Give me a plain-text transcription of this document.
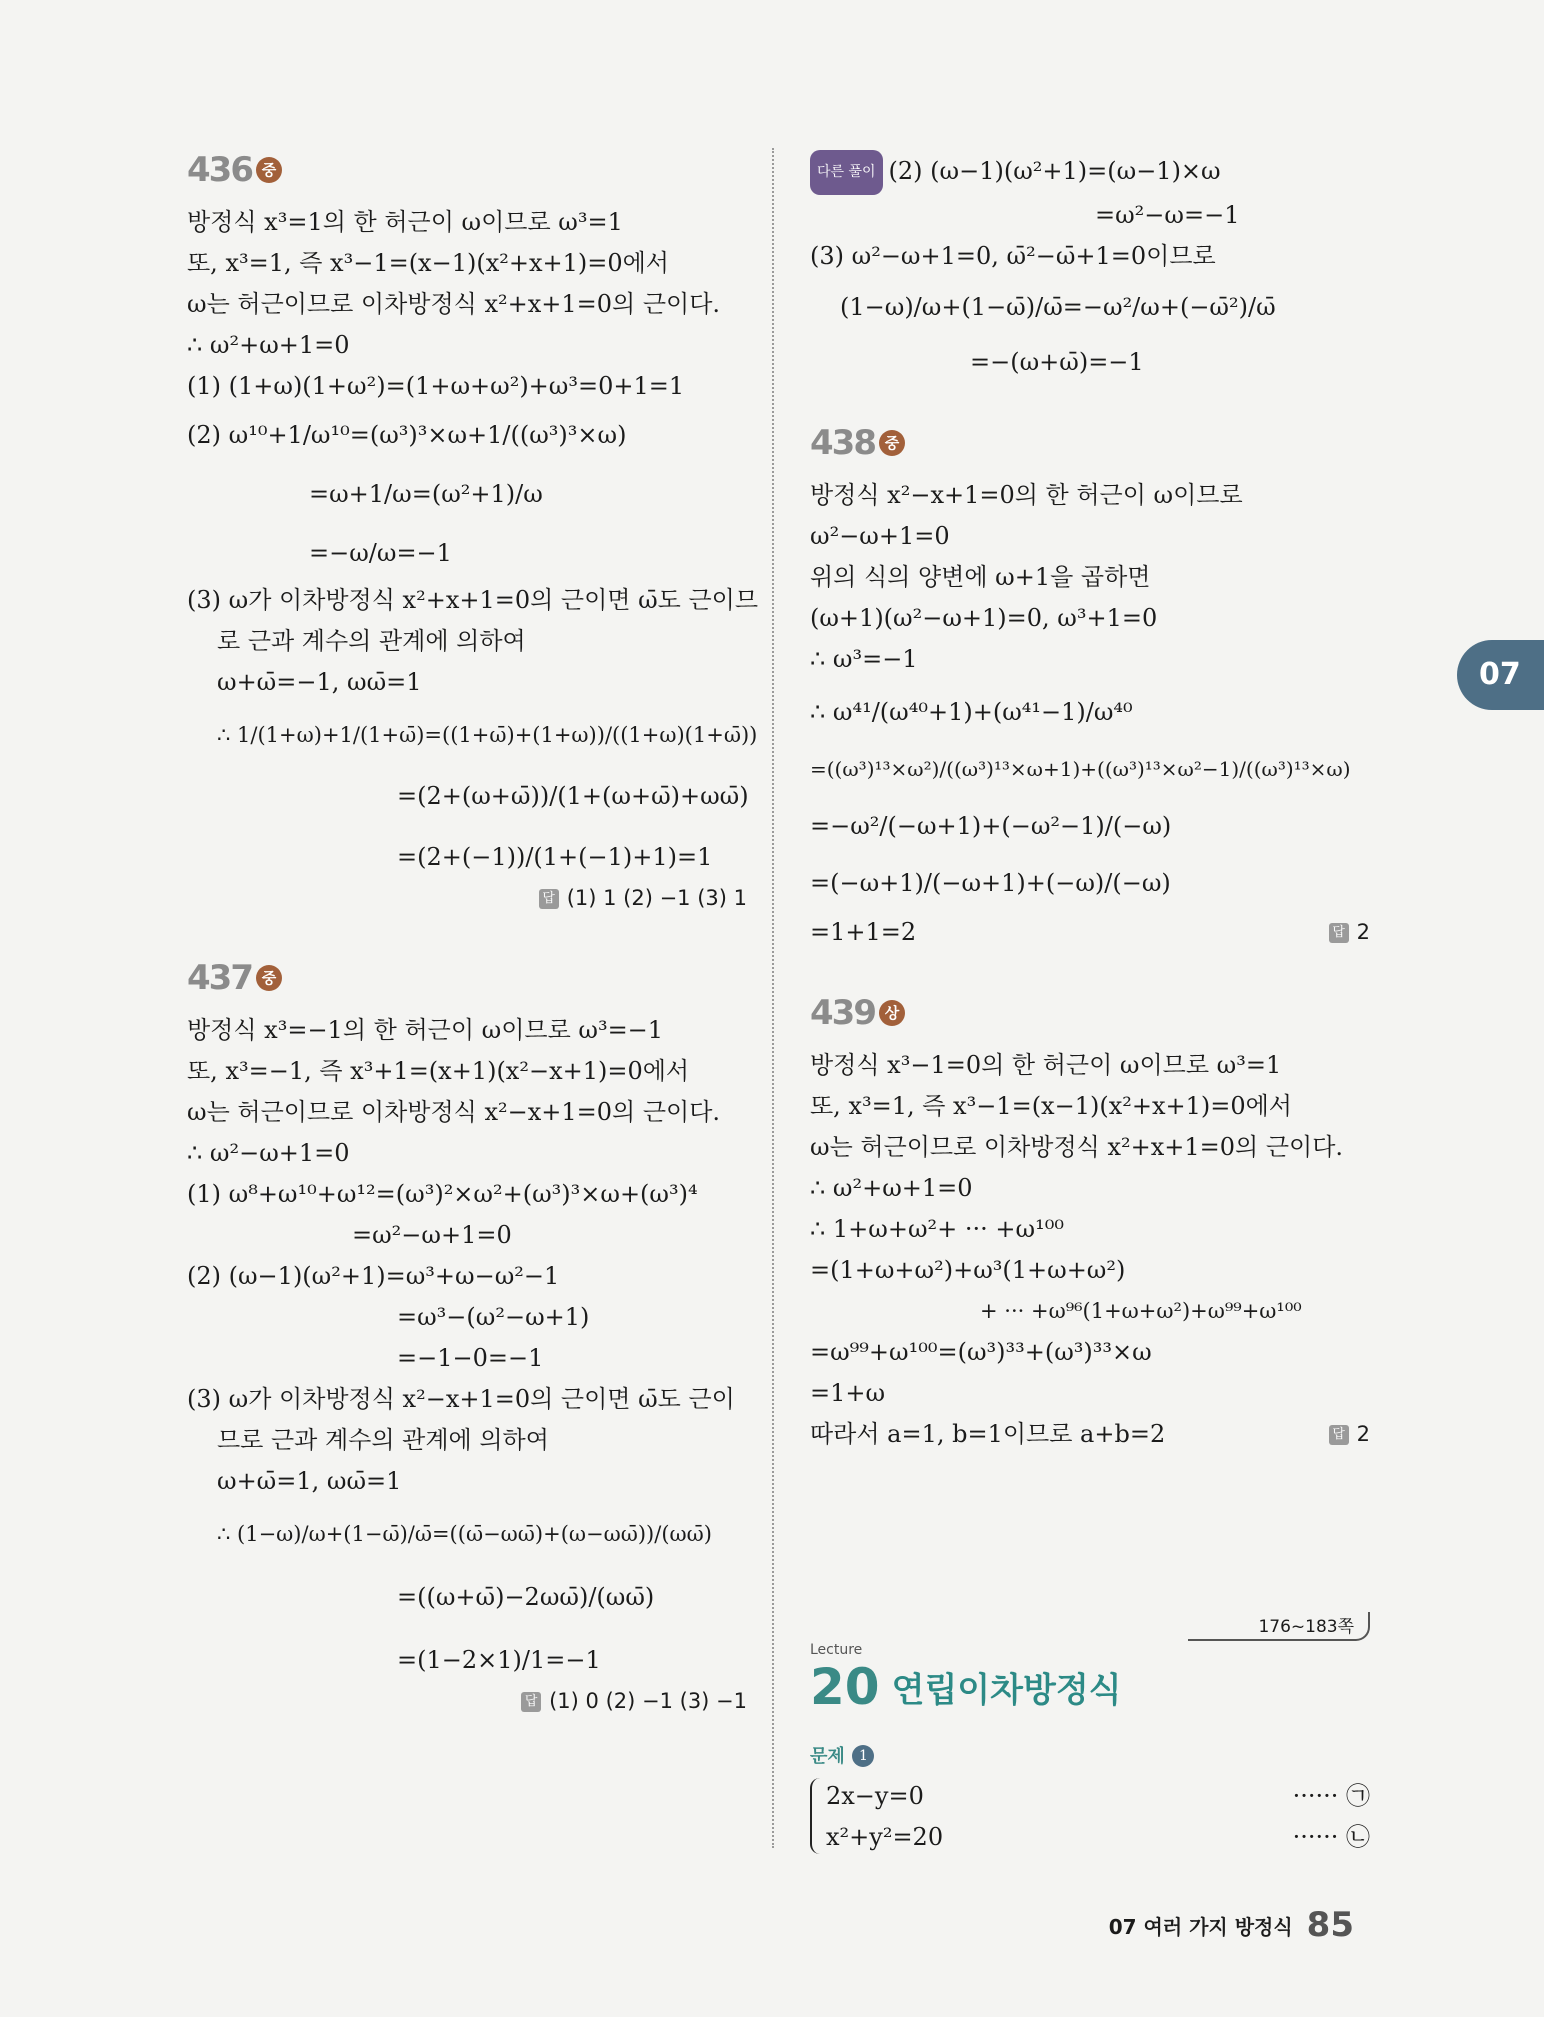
436 중
방정식 x³=1의 한 허근이 ω이므로 ω³=1
또, x³=1, 즉 x³−1=(x−1)(x²+x+1)=0에서
ω는 허근이므로 이차방정식 x²+x+1=0의 근이다.
∴ ω²+ω+1=0
(1) (1+ω)(1+ω²)=(1+ω+ω²)+ω³=0+1=1
(2) ω¹⁰+1/ω¹⁰=(ω³)³×ω+1/((ω³)³×ω)
=ω+1/ω=(ω²+1)/ω
=−ω/ω=−1
(3) ω가 이차방정식 x²+x+1=0의 근이면 ω̄도 근이므
로 근과 계수의 관계에 의하여
ω+ω̄=−1, ωω̄=1
∴ 1/(1+ω)+1/(1+ω̄)=((1+ω̄)+(1+ω))/((1+ω)(1+ω̄))
=(2+(ω+ω̄))/(1+(ω+ω̄)+ωω̄)
=(2+(−1))/(1+(−1)+1)=1
답 (1) 1 (2) −1 (3) 1
437 중
방정식 x³=−1의 한 허근이 ω이므로 ω³=−1
또, x³=−1, 즉 x³+1=(x+1)(x²−x+1)=0에서
ω는 허근이므로 이차방정식 x²−x+1=0의 근이다.
∴ ω²−ω+1=0
(1) ω⁸+ω¹⁰+ω¹²=(ω³)²×ω²+(ω³)³×ω+(ω³)⁴
=ω²−ω+1=0
(2) (ω−1)(ω²+1)=ω³+ω−ω²−1
=ω³−(ω²−ω+1)
=−1−0=−1
(3) ω가 이차방정식 x²−x+1=0의 근이면 ω̄도 근이
므로 근과 계수의 관계에 의하여
ω+ω̄=1, ωω̄=1
∴ (1−ω)/ω+(1−ω̄)/ω̄=((ω̄−ωω̄)+(ω−ωω̄))/(ωω̄)
=((ω+ω̄)−2ωω̄)/(ωω̄)
=(1−2×1)/1=−1
답 (1) 0 (2) −1 (3) −1
다른 풀이 (2) (ω−1)(ω²+1)=(ω−1)×ω
=ω²−ω=−1
(3) ω²−ω+1=0, ω̄²−ω̄+1=0이므로
(1−ω)/ω+(1−ω̄)/ω̄=−ω²/ω+(−ω̄²)/ω̄
=−(ω+ω̄)=−1
438 중
방정식 x²−x+1=0의 한 허근이 ω이므로
ω²−ω+1=0
위의 식의 양변에 ω+1을 곱하면
(ω+1)(ω²−ω+1)=0, ω³+1=0
∴ ω³=−1
∴ ω⁴¹/(ω⁴⁰+1)+(ω⁴¹−1)/ω⁴⁰
=((ω³)¹³×ω²)/((ω³)¹³×ω+1)+((ω³)¹³×ω²−1)/((ω³)¹³×ω)
=−ω²/(−ω+1)+(−ω²−1)/(−ω)
=(−ω+1)/(−ω+1)+(−ω)/(−ω)
=1+1=2	답 2
439 상
방정식 x³−1=0의 한 허근이 ω이므로 ω³=1
또, x³=1, 즉 x³−1=(x−1)(x²+x+1)=0에서
ω는 허근이므로 이차방정식 x²+x+1=0의 근이다.
∴ ω²+ω+1=0
∴ 1+ω+ω²+ ··· +ω¹⁰⁰
=(1+ω+ω²)+ω³(1+ω+ω²)
+ ··· +ω⁹⁶(1+ω+ω²)+ω⁹⁹+ω¹⁰⁰
=ω⁹⁹+ω¹⁰⁰=(ω³)³³+(ω³)³³×ω
=1+ω
따라서 a=1, b=1이므로 a+b=2	답 2
07
176~183쪽
Lecture
20 연립이차방정식
문제 1
2x−y=0	······ ㉠
x²+y²=20	······ ㉡
07 여러 가지 방정식 85
